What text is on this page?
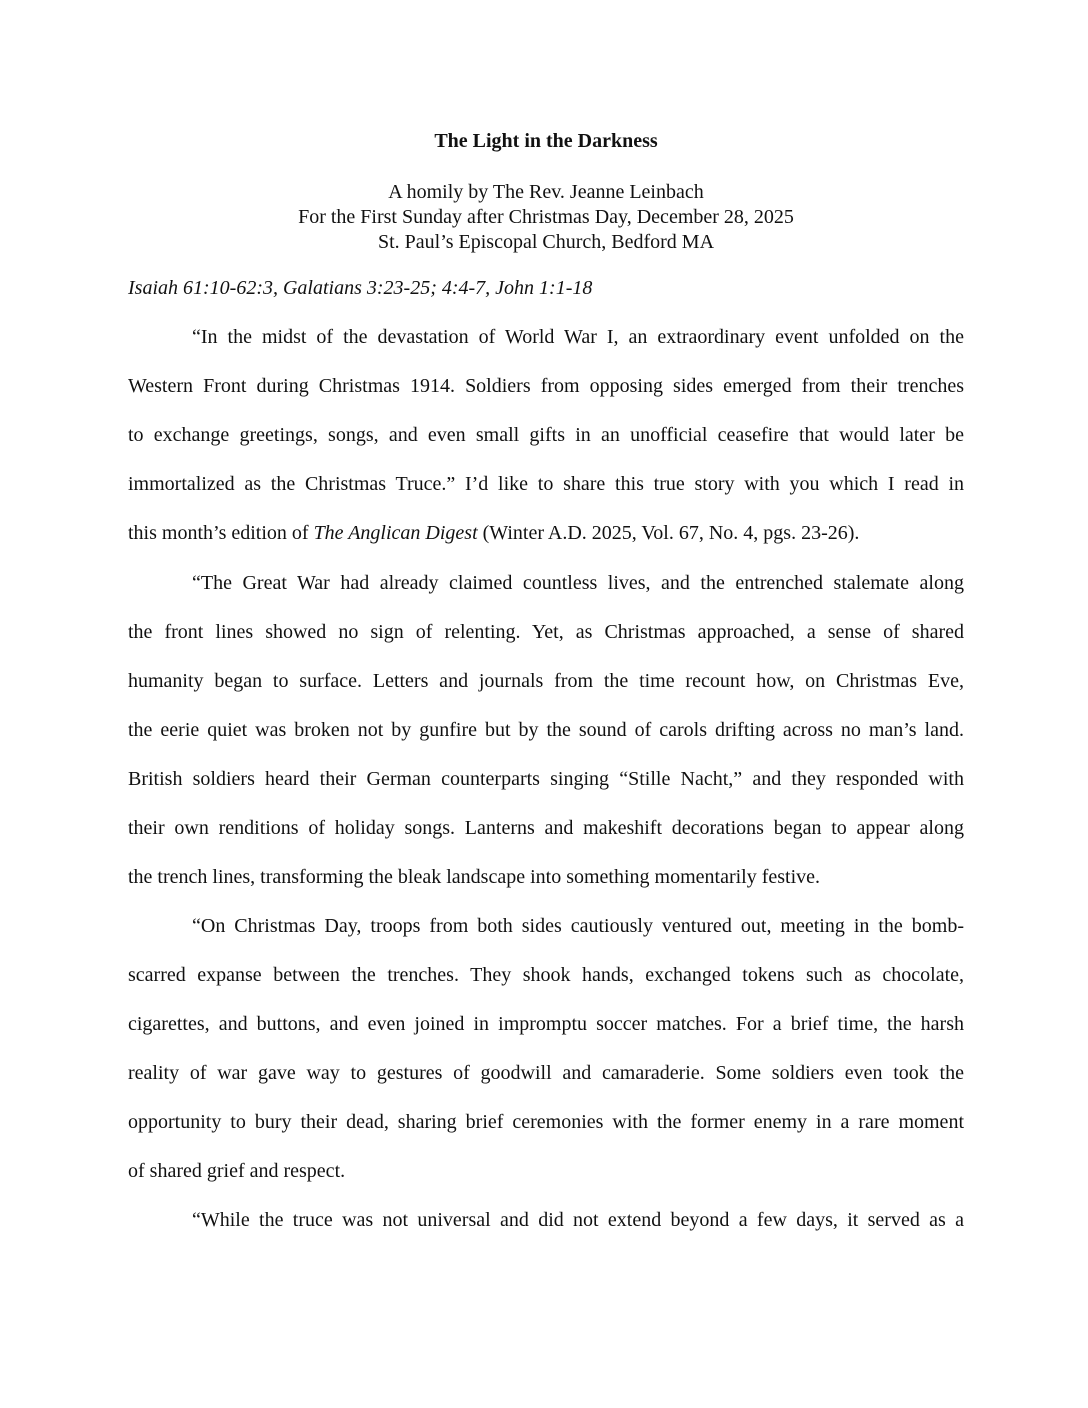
The Light in the Darkness

A homily by The Rev. Jeanne Leinbach
For the First Sunday after Christmas Day, December 28, 2025
St. Paul’s Episcopal Church, Bedford MA

Isaiah 61:10-62:3, Galatians 3:23-25; 4:4-7, John 1:1-18

“In the midst of the devastation of World War I, an extraordinary event unfolded on the

Western Front during Christmas 1914. Soldiers from opposing sides emerged from their trenches

to exchange greetings, songs, and even small gifts in an unofficial ceasefire that would later be

immortalized as the Christmas Truce.” I’d like to share this true story with you which I read in

this month’s edition of The Anglican Digest (Winter A.D. 2025, Vol. 67, No. 4, pgs. 23-26).

“The Great War had already claimed countless lives, and the entrenched stalemate along

the front lines showed no sign of relenting. Yet, as Christmas approached, a sense of shared

humanity began to surface. Letters and journals from the time recount how, on Christmas Eve,

the eerie quiet was broken not by gunfire but by the sound of carols drifting across no man’s land.

British soldiers heard their German counterparts singing “Stille Nacht,” and they responded with

their own renditions of holiday songs. Lanterns and makeshift decorations began to appear along

the trench lines, transforming the bleak landscape into something momentarily festive.

“On Christmas Day, troops from both sides cautiously ventured out, meeting in the bomb-

scarred expanse between the trenches. They shook hands, exchanged tokens such as chocolate,

cigarettes, and buttons, and even joined in impromptu soccer matches. For a brief time, the harsh

reality of war gave way to gestures of goodwill and camaraderie. Some soldiers even took the

opportunity to bury their dead, sharing brief ceremonies with the former enemy in a rare moment

of shared grief and respect.

“While the truce was not universal and did not extend beyond a few days, it served as a
